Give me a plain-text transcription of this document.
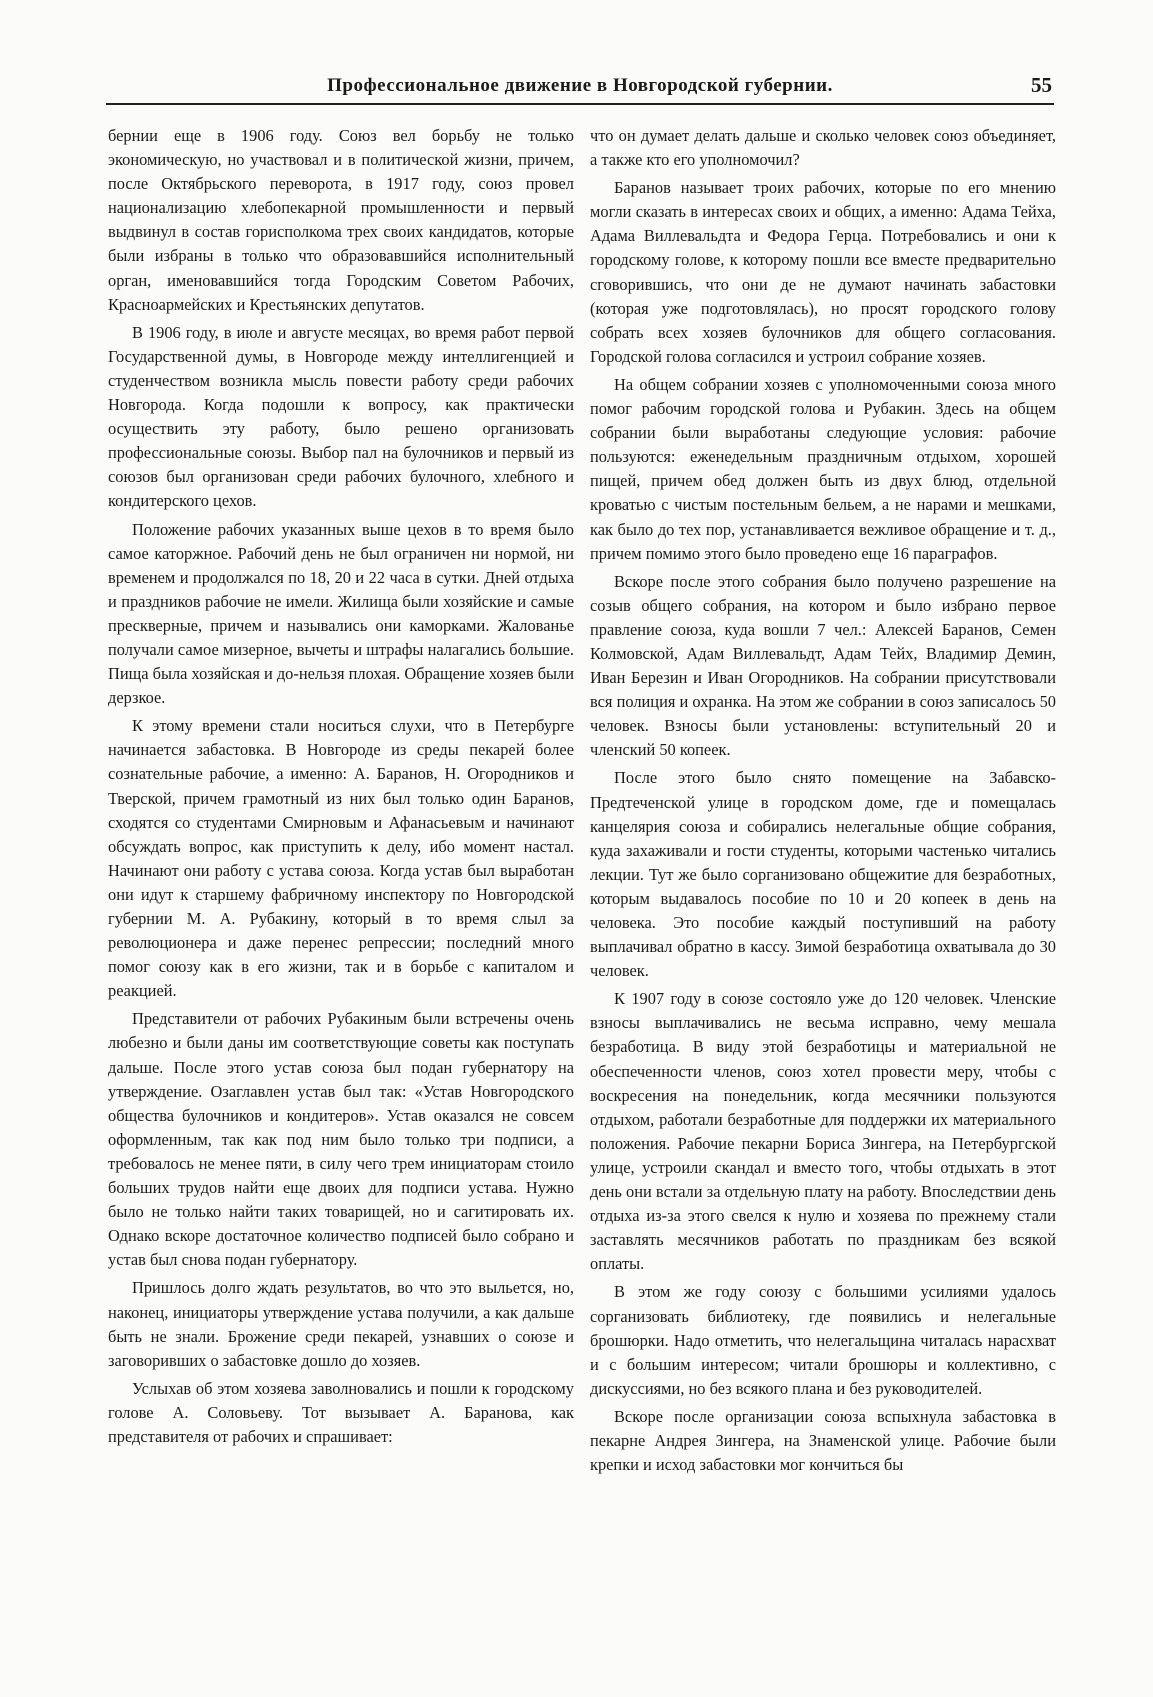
Профессиональное движение в Новгородской губернии.	55

бернии еще в 1906 году. Союз вел борьбу не только экономическую, но участвовал и в политической жизни, причем, после Октябрьского переворота, в 1917 году, союз провел национализацию хлебопекарной промышленности и первый выдвинул в состав горисполкома трех своих кандидатов, которые были избраны в только что образовавшийся исполнительный орган, именовавшийся тогда Городским Советом Рабочих, Красноармейских и Крестьянских депутатов.

В 1906 году, в июле и августе месяцах, во время работ первой Государственной думы, в Новгороде между интеллигенцией и студенчеством возникла мысль повести работу среди рабочих Новгорода. Когда подошли к вопросу, как практически осуществить эту работу, было решено организовать профессиональные союзы. Выбор пал на булочников и первый из союзов был организован среди рабочих булочного, хлебного и кондитерского цехов.

Положение рабочих указанных выше цехов в то время было самое каторжное. Рабочий день не был ограничен ни нормой, ни временем и продолжался по 18, 20 и 22 часа в сутки. Дней отдыха и праздников рабочие не имели. Жилища были хозяйские и самые прескверные, причем и назывались они каморками. Жалованье получали самое мизерное, вычеты и штрафы налагались большие. Пища была хозяйская и до-нельзя плохая. Обращение хозяев были дерзкое.

К этому времени стали носиться слухи, что в Петербурге начинается забастовка. В Новгороде из среды пекарей более сознательные рабочие, а именно: А. Баранов, Н. Огородников и Тверской, причем грамотный из них был только один Баранов, сходятся со студентами Смирновым и Афанасьевым и начинают обсуждать вопрос, как приступить к делу, ибо момент настал. Начинают они работу с устава союза. Когда устав был выработан они идут к старшему фабричному инспектору по Новгородской губернии М. А. Рубакину, который в то время слыл за революционера и даже перенес репрессии; последний много помог союзу как в его жизни, так и в борьбе с капиталом и реакцией.

Представители от рабочих Рубакиным были встречены очень любезно и были даны им соответствующие советы как поступать дальше. После этого устав союза был подан губернатору на утверждение. Озаглавлен устав был так: «Устав Новгородского общества булочников и кондитеров». Устав оказался не совсем оформленным, так как под ним было только три подписи, а требовалось не менее пяти, в силу чего трем инициаторам стоило больших трудов найти еще двоих для подписи устава. Нужно было не только найти таких товарищей, но и сагитировать их. Однако вскоре достаточное количество подписей было собрано и устав был снова подан губернатору.

Пришлось долго ждать результатов, во что это выльется, но, наконец, инициаторы утверждение устава получили, а как дальше быть не знали. Брожение среди пекарей, узнавших о союзе и заговоривших о забастовке дошло до хозяев.

Услыхав об этом хозяева заволновались и пошли к городскому голове А. Соловьеву. Тот вызывает А. Баранова, как представителя от рабочих и спрашивает:

что он думает делать дальше и сколько человек союз объединяет, а также кто его уполномочил?

Баранов называет троих рабочих, которые по его мнению могли сказать в интересах своих и общих, а именно: Адама Тейха, Адама Виллевальдта и Федора Герца. Потребовались и они к городскому голове, к которому пошли все вместе предварительно сговорившись, что они де не думают начинать забастовки (которая уже подготовлялась), но просят городского голову собрать всех хозяев булочников для общего согласования. Городской голова согласился и устроил собрание хозяев.

На общем собрании хозяев с уполномоченными союза много помог рабочим городской голова и Рубакин. Здесь на общем собрании были выработаны следующие условия: рабочие пользуются: еженедельным праздничным отдыхом, хорошей пищей, причем обед должен быть из двух блюд, отдельной кроватью с чистым постельным бельем, а не нарами и мешками, как было до тех пор, устанавливается вежливое обращение и т. д., причем помимо этого было проведено еще 16 параграфов.

Вскоре после этого собрания было получено разрешение на созыв общего собрания, на котором и было избрано первое правление союза, куда вошли 7 чел.: Алексей Баранов, Семен Колмовской, Адам Виллевальдт, Адам Тейх, Владимир Демин, Иван Березин и Иван Огородников. На собрании присутствовали вся полиция и охранка. На этом же собрании в союз записалось 50 человек. Взносы были установлены: вступительный 20 и членский 50 копеек.

После этого было снято помещение на Забавско-Предтеченской улице в городском доме, где и помещалась канцелярия союза и собирались нелегальные общие собрания, куда захаживали и гости студенты, которыми частенько читались лекции. Тут же было сорганизовано общежитие для безработных, которым выдавалось пособие по 10 и 20 копеек в день на человека. Это пособие каждый поступивший на работу выплачивал обратно в кассу. Зимой безработица охватывала до 30 человек.

К 1907 году в союзе состояло уже до 120 человек. Членские взносы выплачивались не весьма исправно, чему мешала безработица. В виду этой безработицы и материальной не обеспеченности членов, союз хотел провести меру, чтобы с воскресения на понедельник, когда месячники пользуются отдыхом, работали безработные для поддержки их материального положения. Рабочие пекарни Бориса Зингера, на Петербургской улице, устроили скандал и вместо того, чтобы отдыхать в этот день они встали за отдельную плату на работу. Впоследствии день отдыха из-за этого свелся к нулю и хозяева по прежнему стали заставлять месячников работать по праздникам без всякой оплаты.

В этом же году союзу с большими усилиями удалось сорганизовать библиотеку, где появились и нелегальные брошюрки. Надо отметить, что нелегальщина читалась нарасхват и с большим интересом; читали брошюры и коллективно, с дискуссиями, но без всякого плана и без руководителей.

Вскоре после организации союза вспыхнула забастовка в пекарне Андрея Зингера, на Знаменской улице. Рабочие были крепки и исход забастовки мог кончиться бы
